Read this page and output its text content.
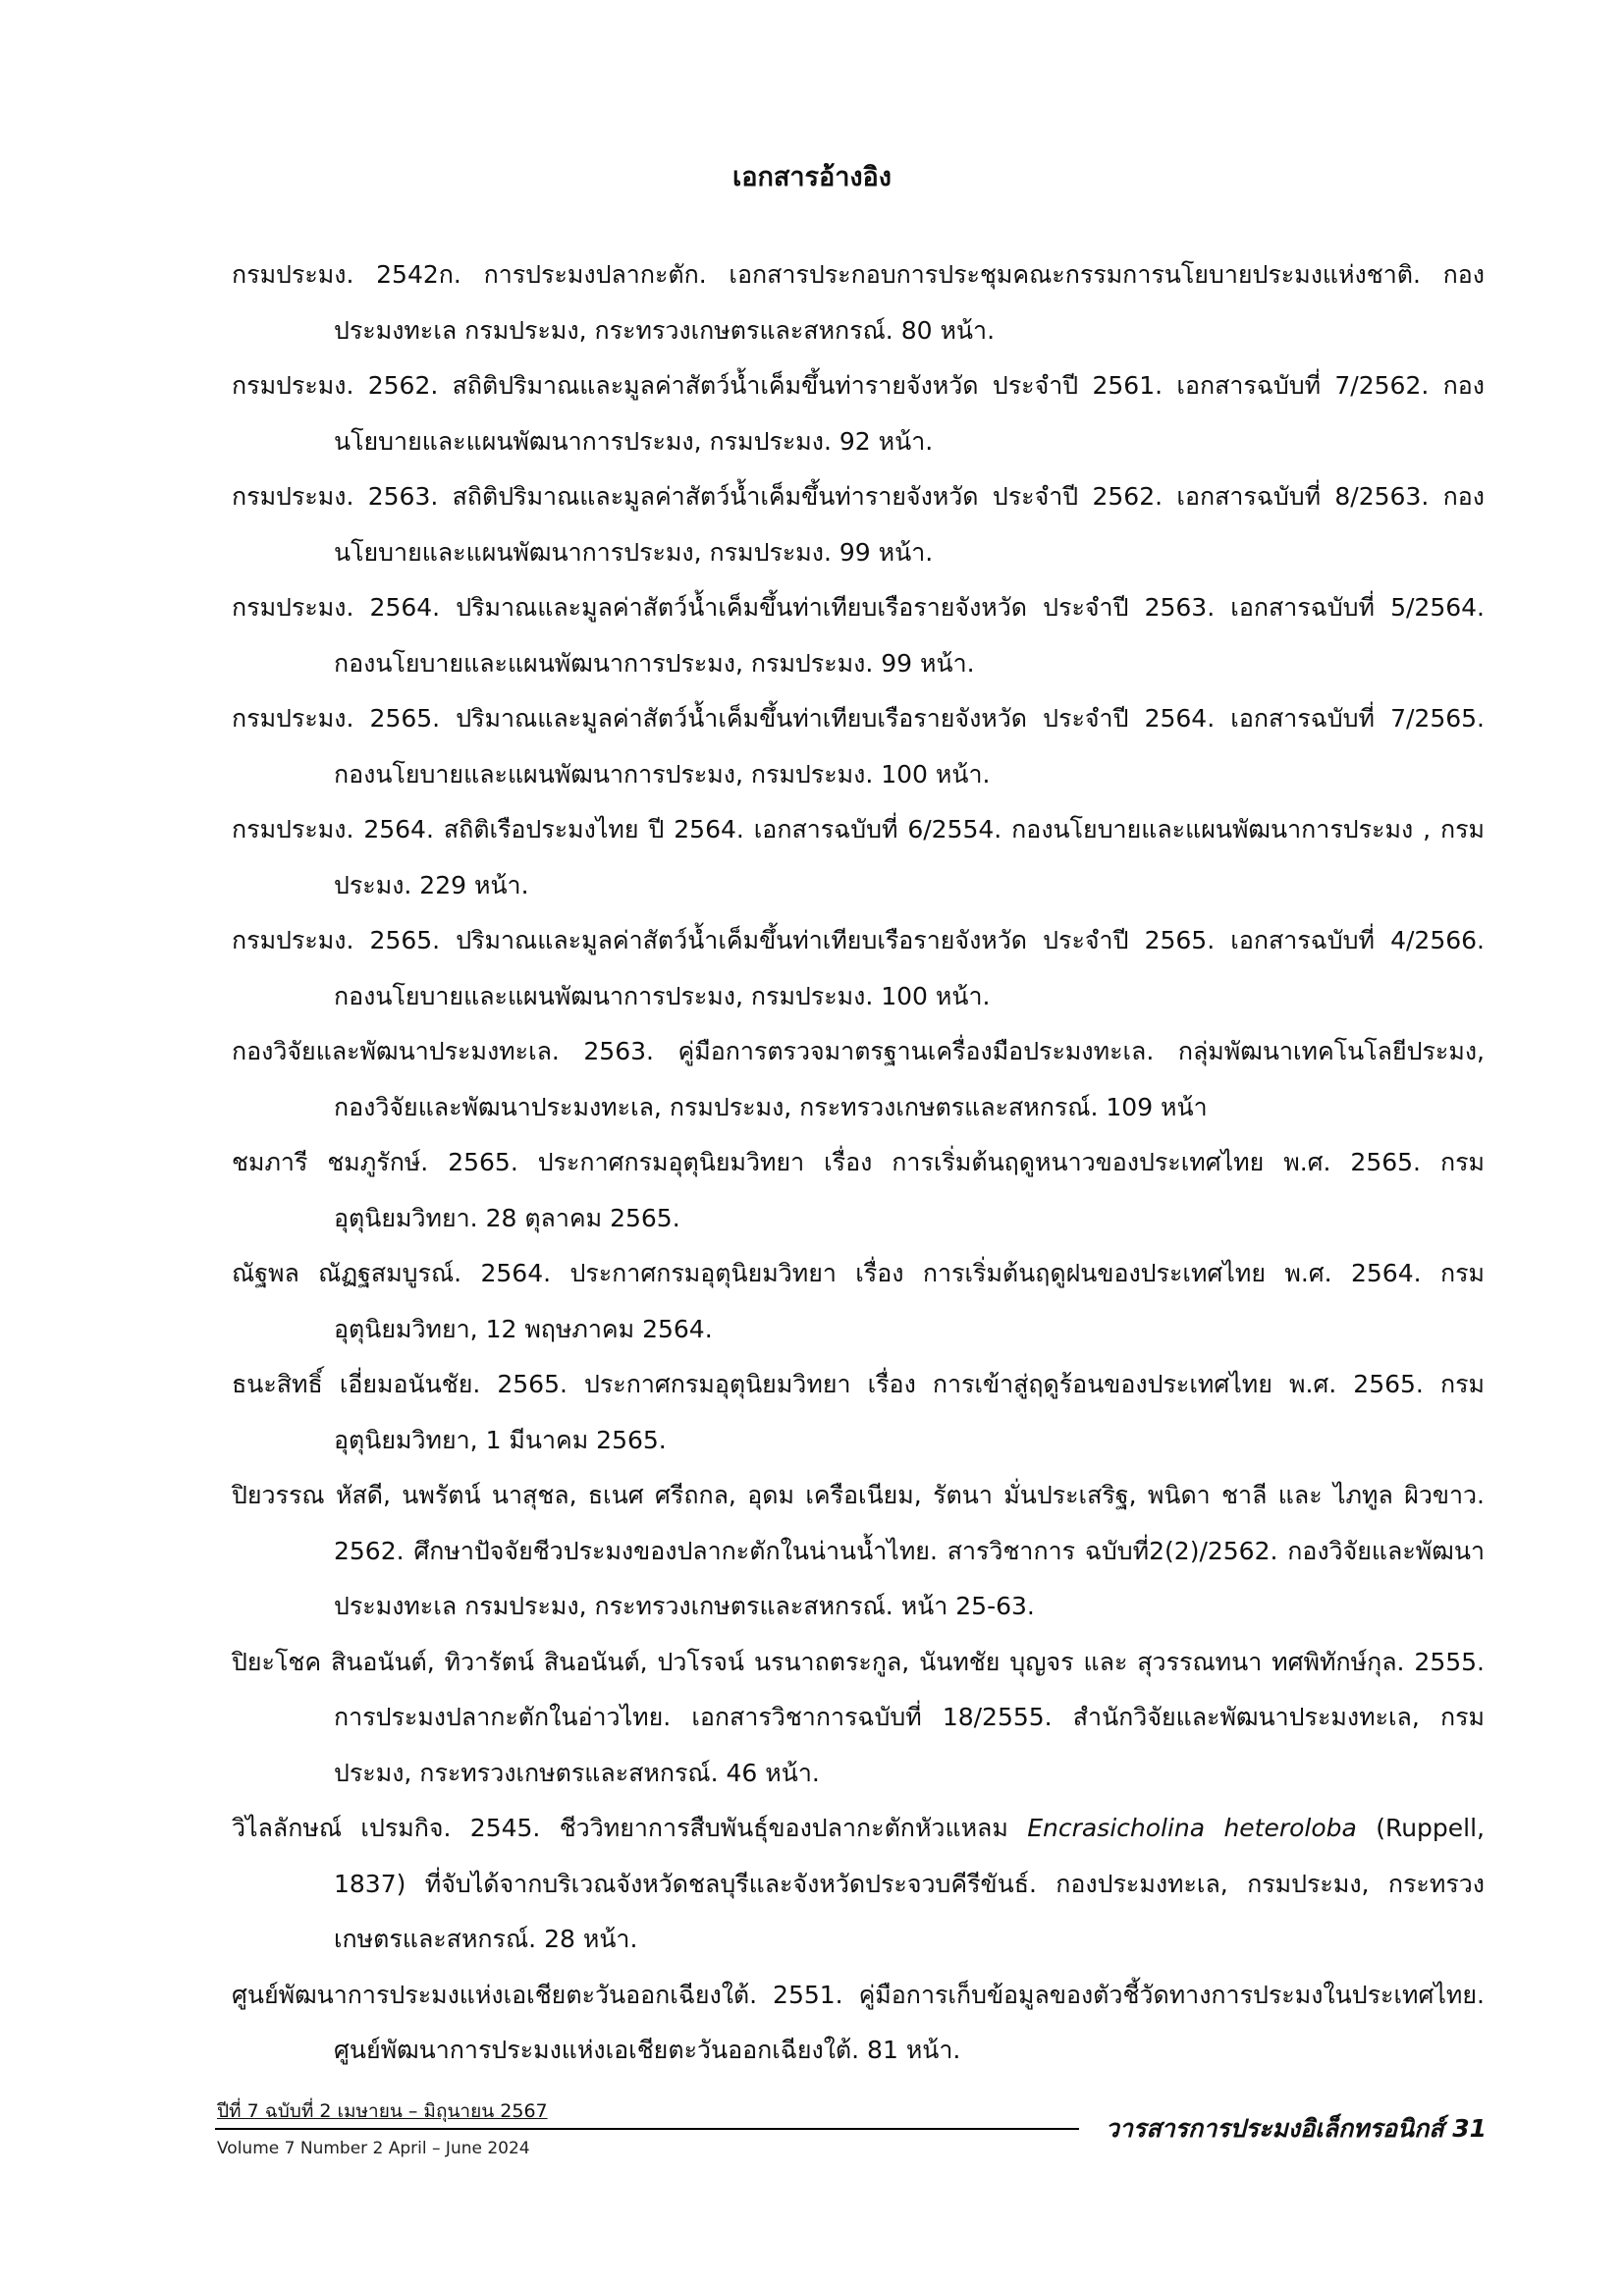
เอกสารอ้างอิง
กรมประมง. 2542ก. การประมงปลากะตัก. เอกสารประกอบการประชุมคณะกรรมการนโยบายประมงแห่งชาติ. กองประมงทะเล กรมประมง, กระทรวงเกษตรและสหกรณ์. 80 หน้า.
กรมประมง. 2562. สถิติปริมาณและมูลค่าสัตว์น้ำเค็มขึ้นท่ารายจังหวัด ประจำปี 2561. เอกสารฉบับที่ 7/2562. กองนโยบายและแผนพัฒนาการประมง, กรมประมง. 92 หน้า.
กรมประมง. 2563. สถิติปริมาณและมูลค่าสัตว์น้ำเค็มขึ้นท่ารายจังหวัด ประจำปี 2562. เอกสารฉบับที่ 8/2563. กองนโยบายและแผนพัฒนาการประมง, กรมประมง. 99 หน้า.
กรมประมง. 2564. ปริมาณและมูลค่าสัตว์น้ำเค็มขึ้นท่าเทียบเรือรายจังหวัด ประจำปี 2563. เอกสารฉบับที่ 5/2564. กองนโยบายและแผนพัฒนาการประมง, กรมประมง. 99 หน้า.
กรมประมง. 2565. ปริมาณและมูลค่าสัตว์น้ำเค็มขึ้นท่าเทียบเรือรายจังหวัด ประจำปี 2564. เอกสารฉบับที่ 7/2565. กองนโยบายและแผนพัฒนาการประมง, กรมประมง. 100 หน้า.
กรมประมง. 2564. สถิติเรือประมงไทย ปี 2564. เอกสารฉบับที่ 6/2554. กองนโยบายและแผนพัฒนาการประมง , กรมประมง. 229 หน้า.
กรมประมง. 2565. ปริมาณและมูลค่าสัตว์น้ำเค็มขึ้นท่าเทียบเรือรายจังหวัด ประจำปี 2565. เอกสารฉบับที่ 4/2566. กองนโยบายและแผนพัฒนาการประมง, กรมประมง. 100 หน้า.
กองวิจัยและพัฒนาประมงทะเล. 2563. คู่มือการตรวจมาตรฐานเครื่องมือประมงทะเล. กลุ่มพัฒนาเทคโนโลยีประมง, กองวิจัยและพัฒนาประมงทะเล, กรมประมง, กระทรวงเกษตรและสหกรณ์. 109 หน้า
ชมภารี ชมภูรักษ์. 2565. ประกาศกรมอุตุนิยมวิทยา เรื่อง การเริ่มต้นฤดูหนาวของประเทศไทย พ.ศ. 2565. กรมอุตุนิยมวิทยา. 28 ตุลาคม 2565.
ณัฐพล ณัฏฐสมบูรณ์. 2564. ประกาศกรมอุตุนิยมวิทยา เรื่อง การเริ่มต้นฤดูฝนของประเทศไทย พ.ศ. 2564. กรมอุตุนิยมวิทยา, 12 พฤษภาคม 2564.
ธนะสิทธิ์ เอี่ยมอนันชัย. 2565. ประกาศกรมอุตุนิยมวิทยา เรื่อง การเข้าสู่ฤดูร้อนของประเทศไทย พ.ศ. 2565. กรมอุตุนิยมวิทยา, 1 มีนาคม 2565.
ปิยวรรณ หัสดี, นพรัตน์ นาสุชล, ธเนศ ศรีถกล, อุดม เครือเนียม, รัตนา มั่นประเสริฐ, พนิดา ชาลี และ ไภทูล ผิวขาว. 2562. ศึกษาปัจจัยชีวประมงของปลากะตักในน่านน้ำไทย. สารวิชาการ ฉบับที่2(2)/2562. กองวิจัยและพัฒนาประมงทะเล กรมประมง, กระทรวงเกษตรและสหกรณ์. หน้า 25-63.
ปิยะโชค สินอนันต์, ทิวารัตน์ สินอนันต์, ปวโรจน์ นรนาถตระกูล, นันทชัย บุญจร และ สุวรรณทนา ทศพิทักษ์กุล. 2555. การประมงปลากะตักในอ่าวไทย. เอกสารวิชาการฉบับที่ 18/2555. สำนักวิจัยและพัฒนาประมงทะเล, กรมประมง, กระทรวงเกษตรและสหกรณ์. 46 หน้า.
วิไลลักษณ์ เปรมกิจ. 2545. ชีววิทยาการสืบพันธุ์ของปลากะตักหัวแหลม Encrasicholina heteroloba (Ruppell, 1837) ที่จับได้จากบริเวณจังหวัดชลบุรีและจังหวัดประจวบคีรีขันธ์. กองประมงทะเล, กรมประมง, กระทรวงเกษตรและสหกรณ์. 28 หน้า.
ศูนย์พัฒนาการประมงแห่งเอเชียตะวันออกเฉียงใต้. 2551. คู่มือการเก็บข้อมูลของตัวชี้วัดทางการประมงในประเทศไทย. ศูนย์พัฒนาการประมงแห่งเอเชียตะวันออกเฉียงใต้. 81 หน้า.
ปีที่ 7 ฉบับที่ 2 เมษายน – มิถุนายน 2567
Volume 7 Number 2 April – June 2024
วารสารการประมงอิเล็กทรอนิกส์ 31
